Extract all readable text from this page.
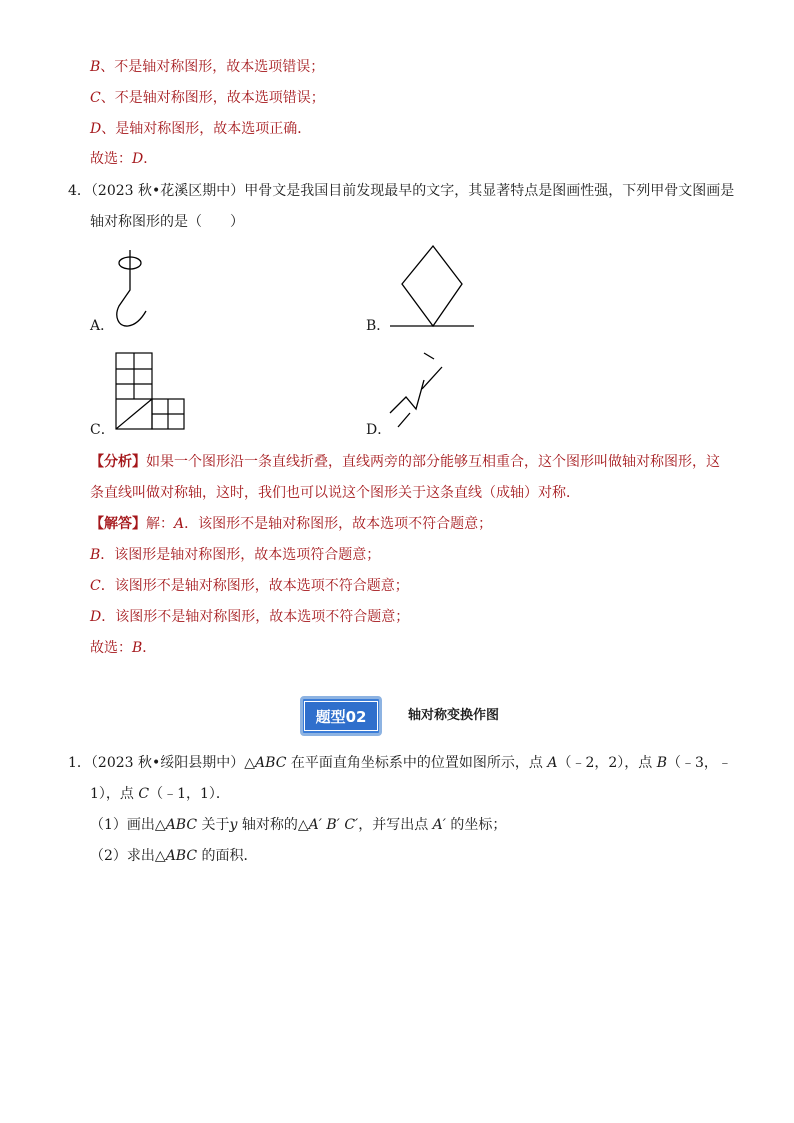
B、不是轴对称图形，故本选项错误；
C、不是轴对称图形，故本选项错误；
D、是轴对称图形，故本选项正确．
故选：D．
4．（2023 秋•花溪区期中）甲骨文是我国目前发现最早的文字，其显著特点是图画性强，下列甲骨文图画是
轴对称图形的是（　　）
A．	B．
C．	D．
【分析】如果一个图形沿一条直线折叠，直线两旁的部分能够互相重合，这个图形叫做轴对称图形，这
条直线叫做对称轴，这时，我们也可以说这个图形关于这条直线（成轴）对称．
【解答】解：A．该图形不是轴对称图形，故本选项不符合题意；
B．该图形是轴对称图形，故本选项符合题意；
C．该图形不是轴对称图形，故本选项不符合题意；
D．该图形不是轴对称图形，故本选项不符合题意；
故选：B．
题型02	轴对称变换作图
1．（2023 秋•绥阳县期中）△ABC 在平面直角坐标系中的位置如图所示，点 A（﹣2，2），点 B（﹣3，﹣
1），点 C（﹣1，1）．
（1）画出△ABC 关于y 轴对称的△A′ B′ C′，并写出点 A′ 的坐标；
（2）求出△ABC 的面积．
